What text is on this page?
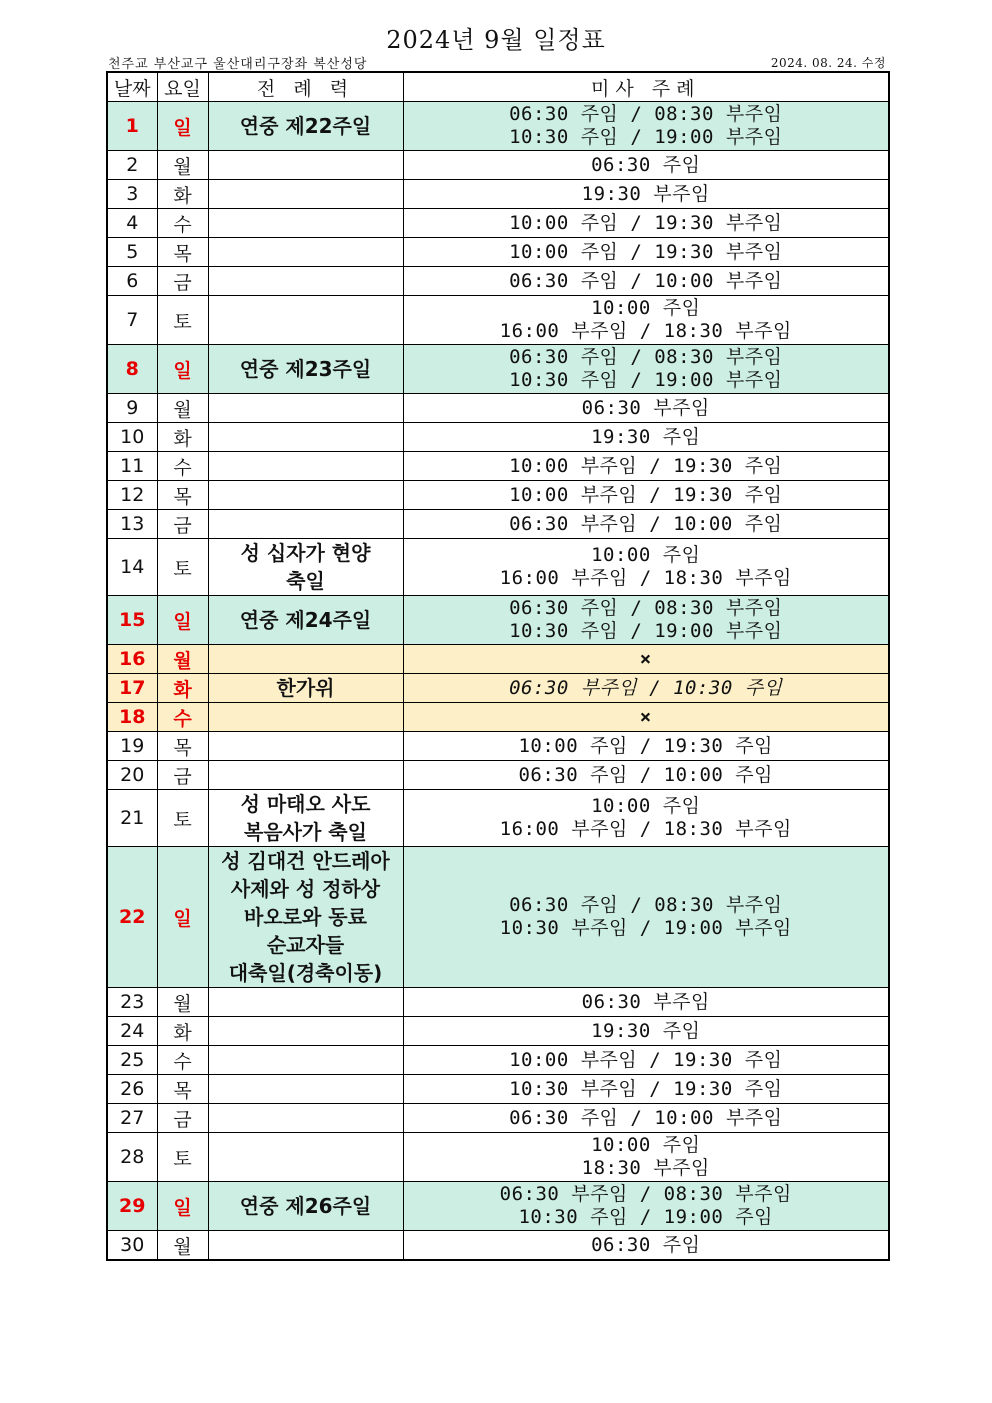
2024년 9월 일정표
천주교 부산교구 울산대리구장좌 복산성당	2024. 08. 24. 수정
날짜	요일	전 례 력	미사 주례
1	일	연중 제22주일	06:30 주임 / 08:30 부주임
10:30 주임 / 19:00 부주임

2	월		06:30 주임

3	화		19:30 부주임

4	수		10:00 주임 / 19:30 부주임

5	목		10:00 주임 / 19:30 부주임

6	금		06:30 주임 / 10:00 부주임

7	토		10:00 주임
16:00 부주임 / 18:30 부주임

8	일	연중 제23주일	06:30 주임 / 08:30 부주임
10:30 주임 / 19:00 부주임

9	월		06:30 부주임

10	화		19:30 주임

11	수		10:00 부주임 / 19:30 주임

12	목		10:00 부주임 / 19:30 주임

13	금		06:30 부주임 / 10:00 주임

14	토	성 십자가 현양
축일	10:00 주임
16:00 부주임 / 18:30 부주임

15	일	연중 제24주일	06:30 주임 / 08:30 부주임
10:30 주임 / 19:00 부주임

16	월		×

17	화	한가위	06:30 부주임 / 10:30 주임

18	수		×

19	목		10:00 주임 / 19:30 주임

20	금		06:30 주임 / 10:00 주임

21	토	성 마태오 사도
복음사가 축일	10:00 주임
16:00 부주임 / 18:30 부주임

22	일	성 김대건 안드레아
사제와 성 정하상
바오로와 동료
순교자들
대축일(경축이동)	06:30 주임 / 08:30 부주임
10:30 부주임 / 19:00 부주임

23	월		06:30 부주임

24	화		19:30 주임

25	수		10:00 부주임 / 19:30 주임

26	목		10:30 부주임 / 19:30 주임

27	금		06:30 주임 / 10:00 부주임

28	토		10:00 주임
18:30 부주임

29	일	연중 제26주일	06:30 부주임 / 08:30 부주임
10:30 주임 / 19:00 주임

30	월		06:30 주임
